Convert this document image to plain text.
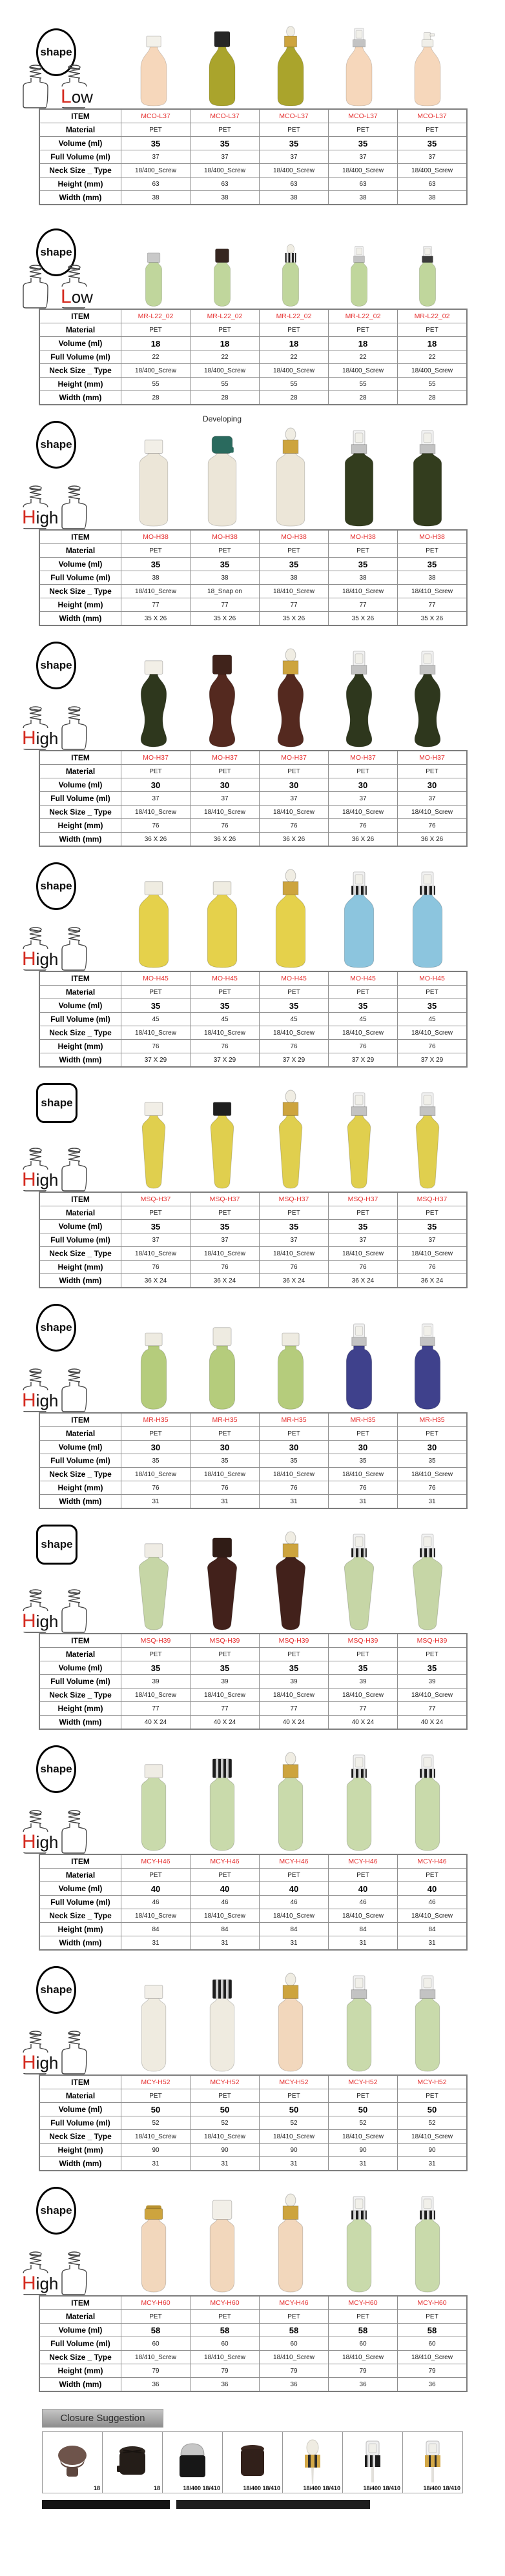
shape
Low
ITEM	MCO-L37	MCO-L37	MCO-L37	MCO-L37	MCO-L37
Material	PET	PET	PET	PET	PET
Volume (ml)	35	35	35	35	35
Full Volume (ml)	37	37	37	37	37
Neck Size _ Type	18/400_Screw	18/400_Screw	18/400_Screw	18/400_Screw	18/400_Screw
Height (mm)	63	63	63	63	63
Width (mm)	38	38	38	38	38
shape
Low
ITEM	MR-L22_02	MR-L22_02	MR-L22_02	MR-L22_02	MR-L22_02
Material	PET	PET	PET	PET	PET
Volume (ml)	18	18	18	18	18
Full Volume (ml)	22	22	22	22	22
Neck Size _ Type	18/400_Screw	18/400_Screw	18/400_Screw	18/400_Screw	18/400_Screw
Height (mm)	55	55	55	55	55
Width (mm)	28	28	28	28	28
shape
High
Developing
ITEM	MO-H38	MO-H38	MO-H38	MO-H38	MO-H38
Material	PET	PET	PET	PET	PET
Volume (ml)	35	35	35	35	35
Full Volume (ml)	38	38	38	38	38
Neck Size _ Type	18/410_Screw	18_Snap on	18/410_Screw	18/410_Screw	18/410_Screw
Height (mm)	77	77	77	77	77
Width (mm)	35 X 26	35 X 26	35 X 26	35 X 26	35 X 26
shape
High
ITEM	MO-H37	MO-H37	MO-H37	MO-H37	MO-H37
Material	PET	PET	PET	PET	PET
Volume (ml)	30	30	30	30	30
Full Volume (ml)	37	37	37	37	37
Neck Size _ Type	18/410_Screw	18/410_Screw	18/410_Screw	18/410_Screw	18/410_Screw
Height (mm)	76	76	76	76	76
Width (mm)	36 X 26	36 X 26	36 X 26	36 X 26	36 X 26
shape
High
ITEM	MO-H45	MO-H45	MO-H45	MO-H45	MO-H45
Material	PET	PET	PET	PET	PET
Volume (ml)	35	35	35	35	35
Full Volume (ml)	45	45	45	45	45
Neck Size _ Type	18/410_Screw	18/410_Screw	18/410_Screw	18/410_Screw	18/410_Screw
Height (mm)	76	76	76	76	76
Width (mm)	37 X 29	37 X 29	37 X 29	37 X 29	37 X 29
shape
High
ITEM	MSQ-H37	MSQ-H37	MSQ-H37	MSQ-H37	MSQ-H37
Material	PET	PET	PET	PET	PET
Volume (ml)	35	35	35	35	35
Full Volume (ml)	37	37	37	37	37
Neck Size _ Type	18/410_Screw	18/410_Screw	18/410_Screw	18/410_Screw	18/410_Screw
Height (mm)	76	76	76	76	76
Width (mm)	36 X 24	36 X 24	36 X 24	36 X 24	36 X 24
shape
High
ITEM	MR-H35	MR-H35	MR-H35	MR-H35	MR-H35
Material	PET	PET	PET	PET	PET
Volume (ml)	30	30	30	30	30
Full Volume (ml)	35	35	35	35	35
Neck Size _ Type	18/410_Screw	18/410_Screw	18/410_Screw	18/410_Screw	18/410_Screw
Height (mm)	76	76	76	76	76
Width (mm)	31	31	31	31	31
shape
High
ITEM	MSQ-H39	MSQ-H39	MSQ-H39	MSQ-H39	MSQ-H39
Material	PET	PET	PET	PET	PET
Volume (ml)	35	35	35	35	35
Full Volume (ml)	39	39	39	39	39
Neck Size _ Type	18/410_Screw	18/410_Screw	18/410_Screw	18/410_Screw	18/410_Screw
Height (mm)	77	77	77	77	77
Width (mm)	40 X 24	40 X 24	40 X 24	40 X 24	40 X 24
shape
High
ITEM	MCY-H46	MCY-H46	MCY-H46	MCY-H46	MCY-H46
Material	PET	PET	PET	PET	PET
Volume (ml)	40	40	40	40	40
Full Volume (ml)	46	46	46	46	46
Neck Size _ Type	18/410_Screw	18/410_Screw	18/410_Screw	18/410_Screw	18/410_Screw
Height (mm)	84	84	84	84	84
Width (mm)	31	31	31	31	31
shape
High
ITEM	MCY-H52	MCY-H52	MCY-H52	MCY-H52	MCY-H52
Material	PET	PET	PET	PET	PET
Volume (ml)	50	50	50	50	50
Full Volume (ml)	52	52	52	52	52
Neck Size _ Type	18/410_Screw	18/410_Screw	18/410_Screw	18/410_Screw	18/410_Screw
Height (mm)	90	90	90	90	90
Width (mm)	31	31	31	31	31
shape
High
ITEM	MCY-H60	MCY-H60	MCY-H46	MCY-H60	MCY-H60
Material	PET	PET	PET	PET	PET
Volume (ml)	58	58	58	58	58
Full Volume (ml)	60	60	60	60	60
Neck Size _ Type	18/410_Screw	18/410_Screw	18/410_Screw	18/410_Screw	18/410_Screw
Height (mm)	79	79	79	79	79
Width (mm)	36	36	36	36	36
Closure Suggestion
18	18	18/400 18/410	18/400 18/410	18/400 18/410	18/400 18/410	18/400 18/410
